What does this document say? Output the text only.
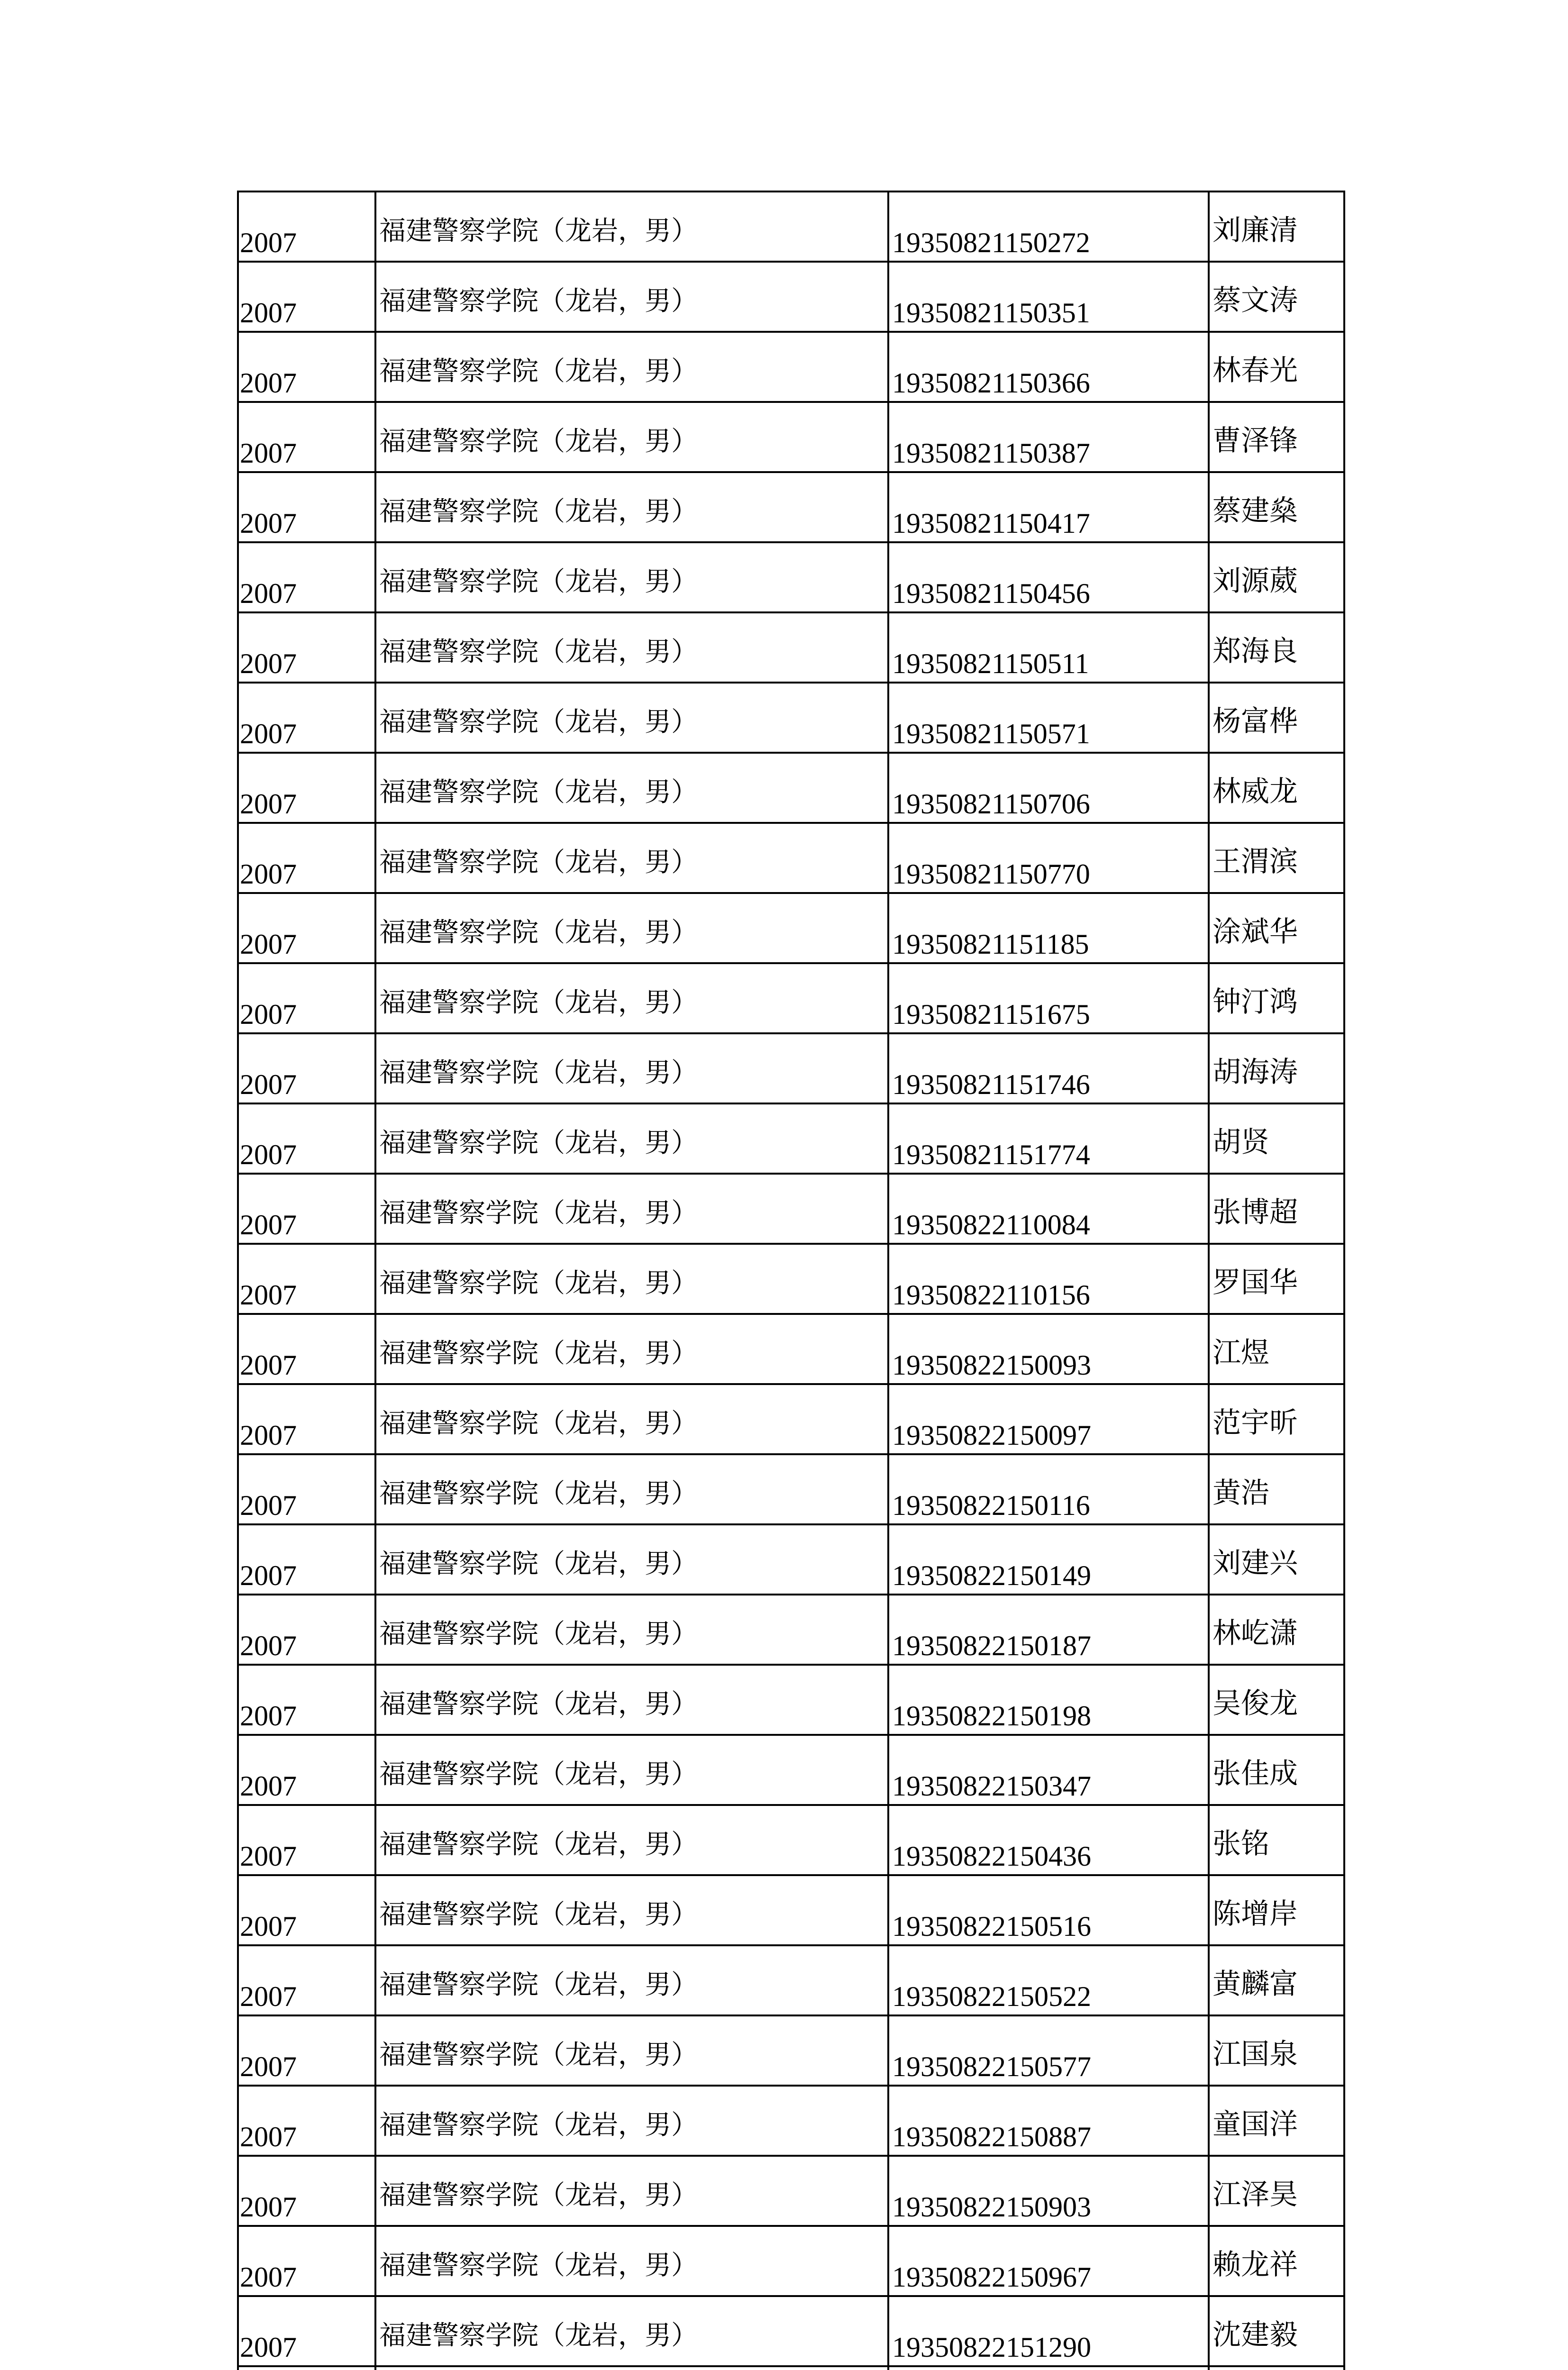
2007	福建警察学院（龙岩，男）	19350821150272	刘廉清
2007	福建警察学院（龙岩，男）	19350821150351	蔡文涛
2007	福建警察学院（龙岩，男）	19350821150366	林春光
2007	福建警察学院（龙岩，男）	19350821150387	曹泽锋
2007	福建警察学院（龙岩，男）	19350821150417	蔡建燊
2007	福建警察学院（龙岩，男）	19350821150456	刘源葳
2007	福建警察学院（龙岩，男）	19350821150511	郑海良
2007	福建警察学院（龙岩，男）	19350821150571	杨富桦
2007	福建警察学院（龙岩，男）	19350821150706	林威龙
2007	福建警察学院（龙岩，男）	19350821150770	王渭滨
2007	福建警察学院（龙岩，男）	19350821151185	涂斌华
2007	福建警察学院（龙岩，男）	19350821151675	钟汀鸿
2007	福建警察学院（龙岩，男）	19350821151746	胡海涛
2007	福建警察学院（龙岩，男）	19350821151774	胡贤
2007	福建警察学院（龙岩，男）	19350822110084	张博超
2007	福建警察学院（龙岩，男）	19350822110156	罗国华
2007	福建警察学院（龙岩，男）	19350822150093	江煜
2007	福建警察学院（龙岩，男）	19350822150097	范宇昕
2007	福建警察学院（龙岩，男）	19350822150116	黄浩
2007	福建警察学院（龙岩，男）	19350822150149	刘建兴
2007	福建警察学院（龙岩，男）	19350822150187	林屹潇
2007	福建警察学院（龙岩，男）	19350822150198	吴俊龙
2007	福建警察学院（龙岩，男）	19350822150347	张佳成
2007	福建警察学院（龙岩，男）	19350822150436	张铭
2007	福建警察学院（龙岩，男）	19350822150516	陈增岸
2007	福建警察学院（龙岩，男）	19350822150522	黄麟富
2007	福建警察学院（龙岩，男）	19350822150577	江国泉
2007	福建警察学院（龙岩，男）	19350822150887	童国洋
2007	福建警察学院（龙岩，男）	19350822150903	江泽昊
2007	福建警察学院（龙岩，男）	19350822150967	赖龙祥
2007	福建警察学院（龙岩，男）	19350822151290	沈建毅
